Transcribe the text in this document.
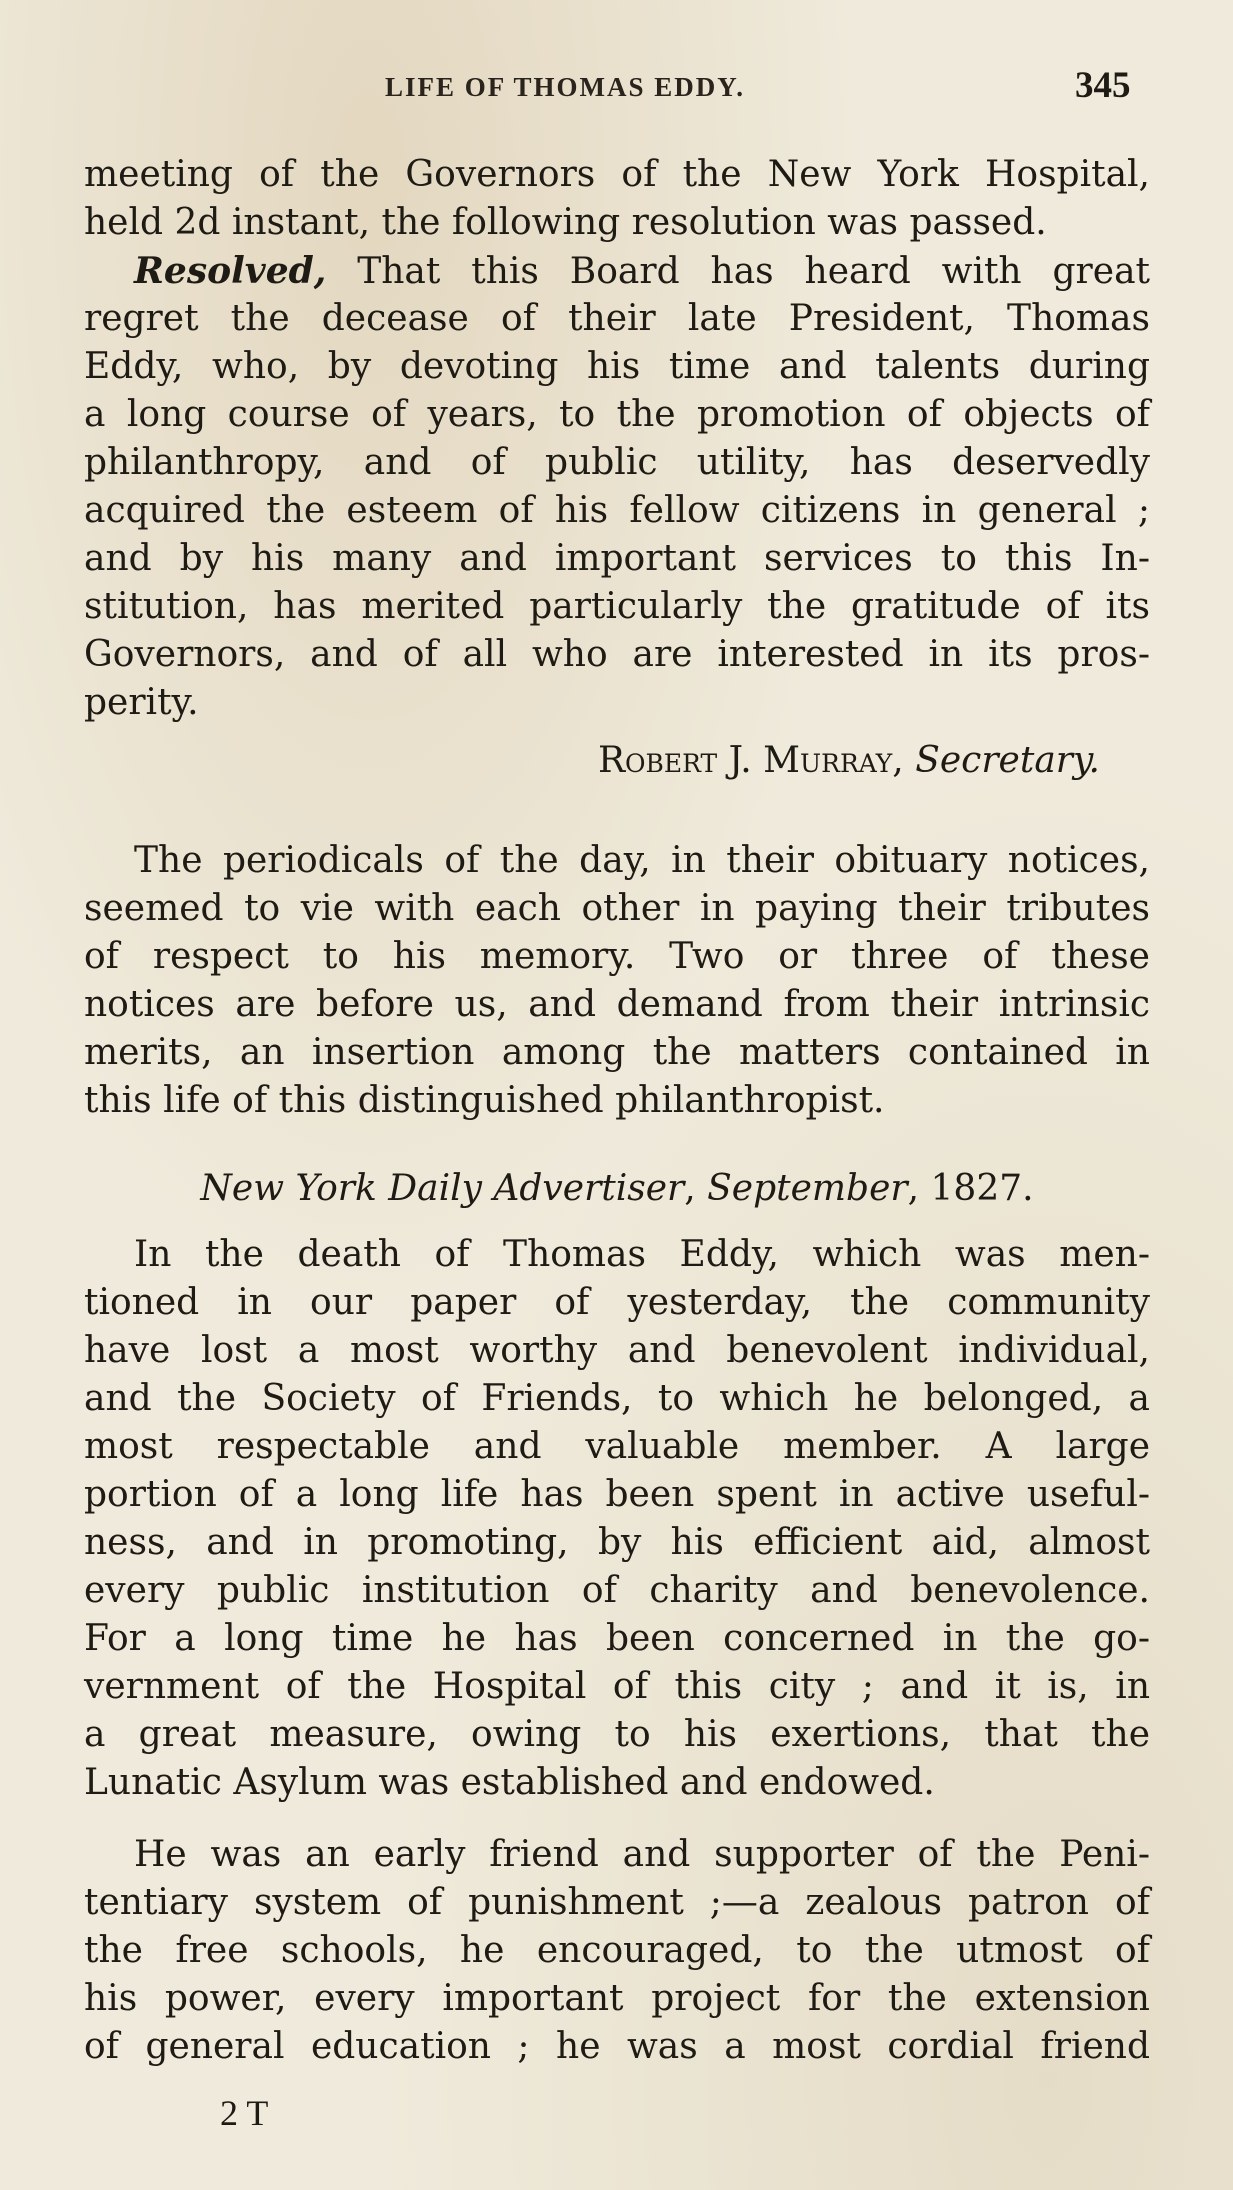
LIFE OF THOMAS EDDY.	345
meeting of the Governors of the New York Hospital,
held 2d instant, the following resolution was passed.
Resolved, That this Board has heard with great
regret the decease of their late President, Thomas
Eddy, who, by devoting his time and talents during
a long course of years, to the promotion of objects of
philanthropy, and of public utility, has deservedly
acquired the esteem of his fellow citizens in general ;
and by his many and important services to this In-
stitution, has merited particularly the gratitude of its
Governors, and of all who are interested in its pros-
perity.
Robert J. Murray, Secretary.
The periodicals of the day, in their obituary notices,
seemed to vie with each other in paying their tributes
of respect to his memory. Two or three of these
notices are before us, and demand from their intrinsic
merits, an insertion among the matters contained in
this life of this distinguished philanthropist.
New York Daily Advertiser, September, 1827.
In the death of Thomas Eddy, which was men-
tioned in our paper of yesterday, the community
have lost a most worthy and benevolent individual,
and the Society of Friends, to which he belonged, a
most respectable and valuable member. A large
portion of a long life has been spent in active useful-
ness, and in promoting, by his efficient aid, almost
every public institution of charity and benevolence.
For a long time he has been concerned in the go-
vernment of the Hospital of this city ; and it is, in
a great measure, owing to his exertions, that the
Lunatic Asylum was established and endowed.
He was an early friend and supporter of the Peni-
tentiary system of punishment ;—a zealous patron of
the free schools, he encouraged, to the utmost of
his power, every important project for the extension
of general education ; he was a most cordial friend
2 T
